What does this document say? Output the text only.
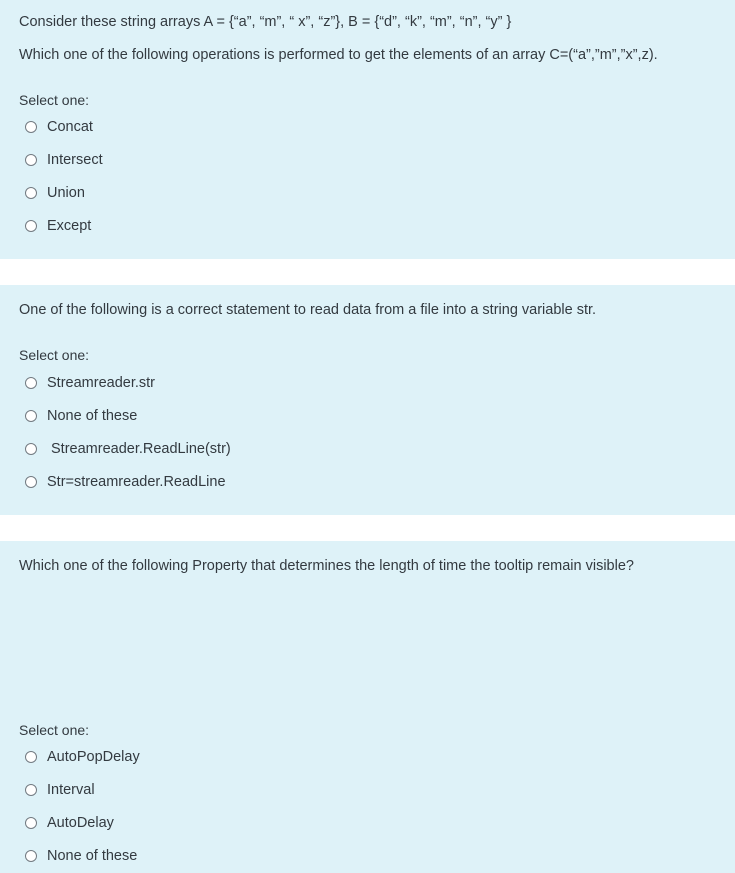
Consider these string arrays A = {“a”, “m”, “ x”, “z”}, B = {“d”, “k”, “m”, “n”, “y” }
Which one of the following operations is performed to get the elements of an array C=(“a”,”m”,”x”,z).
Select one:
Concat
Intersect
Union
Except
One of the following is a correct statement to read data from a file into a string variable str.
Select one:
Streamreader.str
None of these
Streamreader.ReadLine(str)
Str=streamreader.ReadLine
Which one of the following Property that determines the length of time the tooltip remain visible?
Select one:
AutoPopDelay
Interval
AutoDelay
None of these
